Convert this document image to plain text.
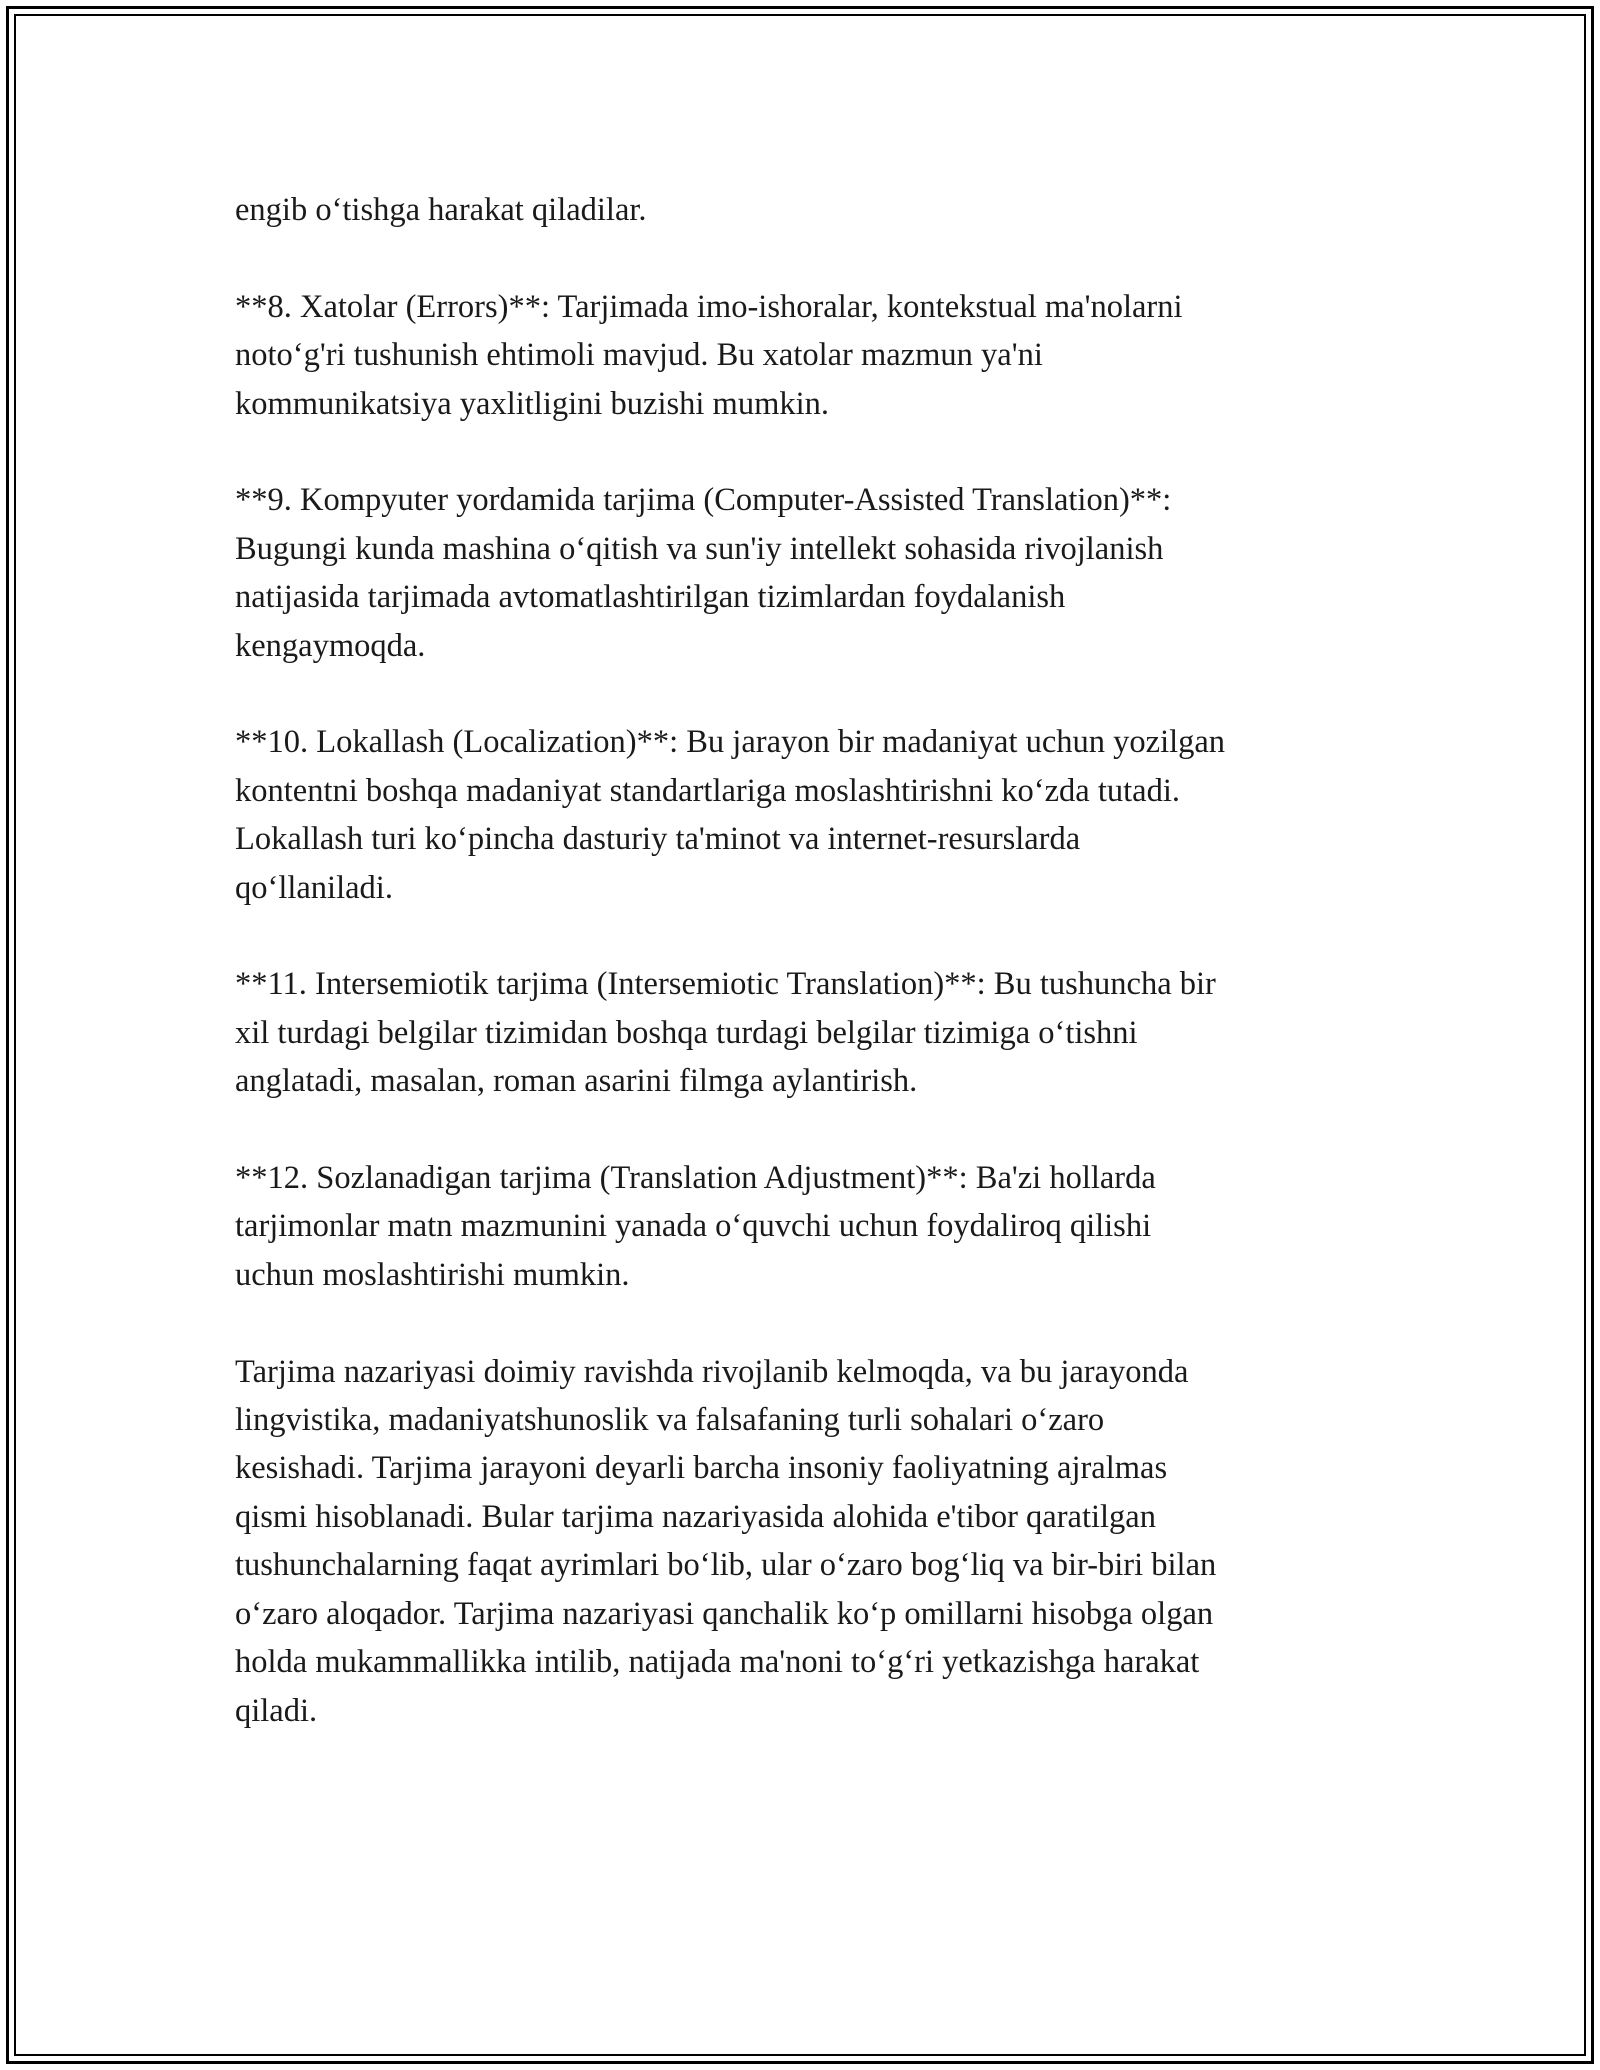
engib o‘tishga harakat qiladilar.

**8. Xatolar (Errors)**: Tarjimada imo-ishoralar, kontekstual ma'nolarni
noto‘g'ri tushunish ehtimoli mavjud. Bu xatolar mazmun ya'ni
kommunikatsiya yaxlitligini buzishi mumkin.

**9. Kompyuter yordamida tarjima (Computer-Assisted Translation)**:
Bugungi kunda mashina o‘qitish va sun'iy intellekt sohasida rivojlanish
natijasida tarjimada avtomatlashtirilgan tizimlardan foydalanish
kengaymoqda.

**10. Lokallash (Localization)**: Bu jarayon bir madaniyat uchun yozilgan
kontentni boshqa madaniyat standartlariga moslashtirishni ko‘zda tutadi.
Lokallash turi ko‘pincha dasturiy ta'minot va internet-resurslarda
qo‘llaniladi.

**11. Intersemiotik tarjima (Intersemiotic Translation)**: Bu tushuncha bir
xil turdagi belgilar tizimidan boshqa turdagi belgilar tizimiga o‘tishni
anglatadi, masalan, roman asarini filmga aylantirish.

**12. Sozlanadigan tarjima (Translation Adjustment)**: Ba'zi hollarda
tarjimonlar matn mazmunini yanada o‘quvchi uchun foydaliroq qilishi
uchun moslashtirishi mumkin.

Tarjima nazariyasi doimiy ravishda rivojlanib kelmoqda, va bu jarayonda
lingvistika, madaniyatshunoslik va falsafaning turli sohalari o‘zaro
kesishadi. Tarjima jarayoni deyarli barcha insoniy faoliyatning ajralmas
qismi hisoblanadi. Bular tarjima nazariyasida alohida e'tibor qaratilgan
tushunchalarning faqat ayrimlari bo‘lib, ular o‘zaro bog‘liq va bir-biri bilan
o‘zaro aloqador. Tarjima nazariyasi qanchalik ko‘p omillarni hisobga olgan
holda mukammallikka intilib, natijada ma'noni to‘g‘ri yetkazishga harakat
qiladi.
